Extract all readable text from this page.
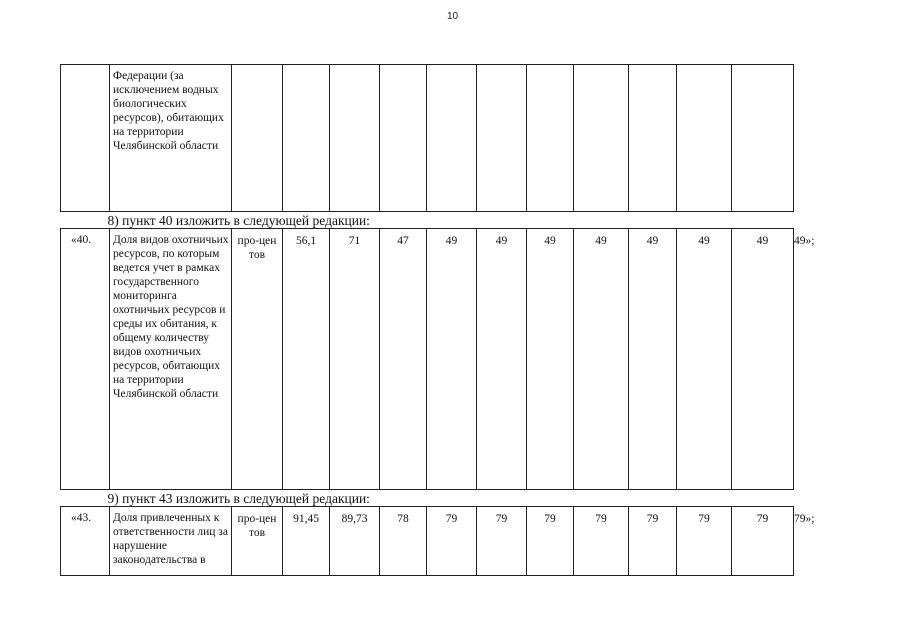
10
	Федерации (за исключением водных биологических ресурсов), обитающих на территории Челябинской области												
8) пункт 40 изложить в следующей редакции:													
«40.	Доля видов охотничьих ресурсов, по которым ведется учет в рамках государственного мониторинга охотничьих ресурсов и среды их обитания, к общему количеству видов охотничьих ресурсов, обитающих на территории Челябинской области	про-центов	56,1	71	47	49	49	49	49	49	49	49	49»;
9) пункт 43 изложить в следующей редакции:													
«43.	Доля привлеченных к ответственности лиц за нарушение законодательства в	про-центов	91,45	89,73	78	79	79	79	79	79	79	79	79»;
